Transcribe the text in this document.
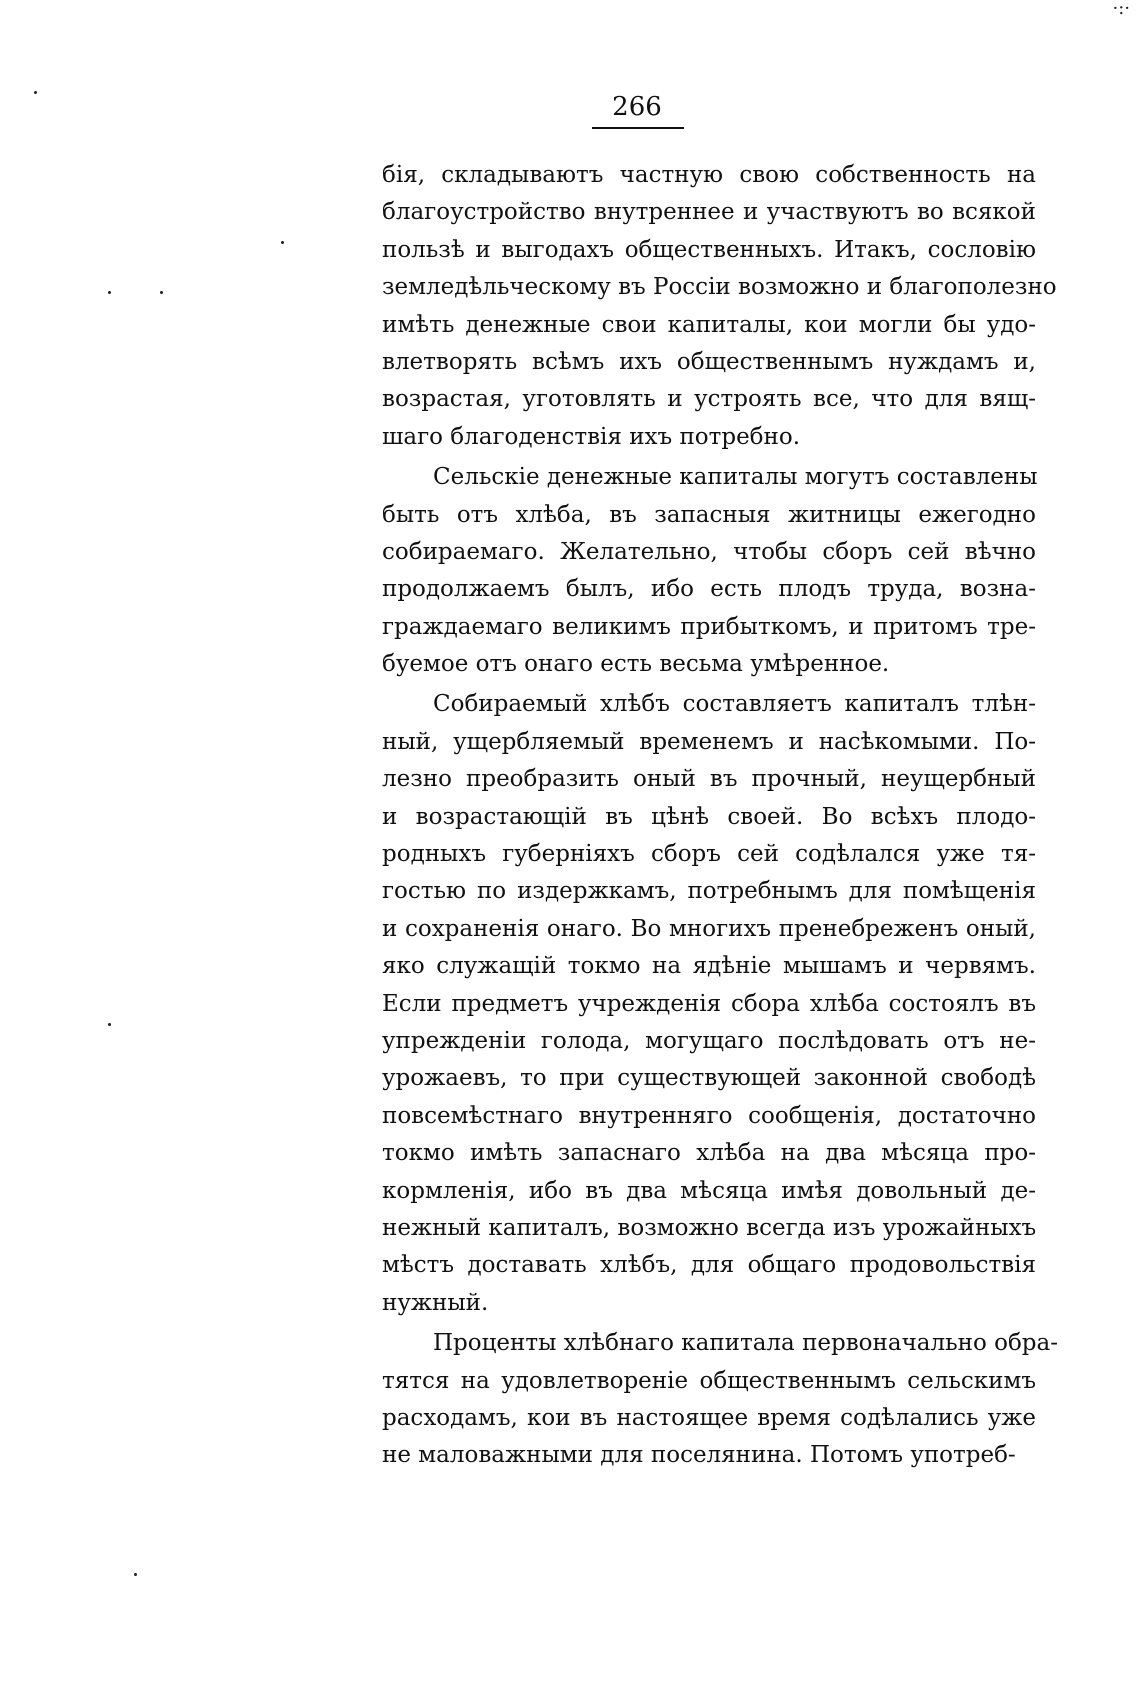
266
бія, складываютъ частную свою собственность на
благоустройство внутреннее и участвуютъ во всякой
пользѣ и выгодахъ общественныхъ. Итакъ, сословію
земледѣльческому въ Россіи возможно и благополезно
имѣть денежные свои капиталы, кои могли бы удо-
влетворять всѣмъ ихъ общественнымъ нуждамъ и,
возрастая, уготовлять и устроять все, что для вящ-
шаго благоденствія ихъ потребно.
Сельскіе денежные капиталы могутъ составлены
быть отъ хлѣба, въ запасныя житницы ежегодно
собираемаго. Желательно, чтобы сборъ сей вѣчно
продолжаемъ былъ, ибо есть плодъ труда, возна-
граждаемаго великимъ прибыткомъ, и притомъ тре-
буемое отъ онаго есть весьма умѣренное.
Собираемый хлѣбъ составляетъ капиталъ тлѣн-
ный, ущербляемый временемъ и насѣкомыми. По-
лезно преобразить оный въ прочный, неущербный
и возрастающій въ цѣнѣ своей. Во всѣхъ плодо-
родныхъ губерніяхъ сборъ сей содѣлался уже тя-
гостью по издержкамъ, потребнымъ для помѣщенія
и сохраненія онаго. Во многихъ пренебреженъ оный,
яко служащій токмо на ядѣніе мышамъ и червямъ.
Если предметъ учрежденія сбора хлѣба состоялъ въ
упрежденіи голода, могущаго послѣдовать отъ не-
урожаевъ, то при существующей законной свободѣ
повсемѣстнаго внутренняго сообщенія, достаточно
токмо имѣть запаснаго хлѣба на два мѣсяца про-
кормленія, ибо въ два мѣсяца имѣя довольный де-
нежный капиталъ, возможно всегда изъ урожайныхъ
мѣстъ доставать хлѣбъ, для общаго продовольствія
нужный.
Проценты хлѣбнаго капитала первоначально обра-
тятся на удовлетвореніе общественнымъ сельскимъ
расходамъ, кои въ настоящее время содѣлались уже
не маловажными для поселянина. Потомъ употреб-
·:·
